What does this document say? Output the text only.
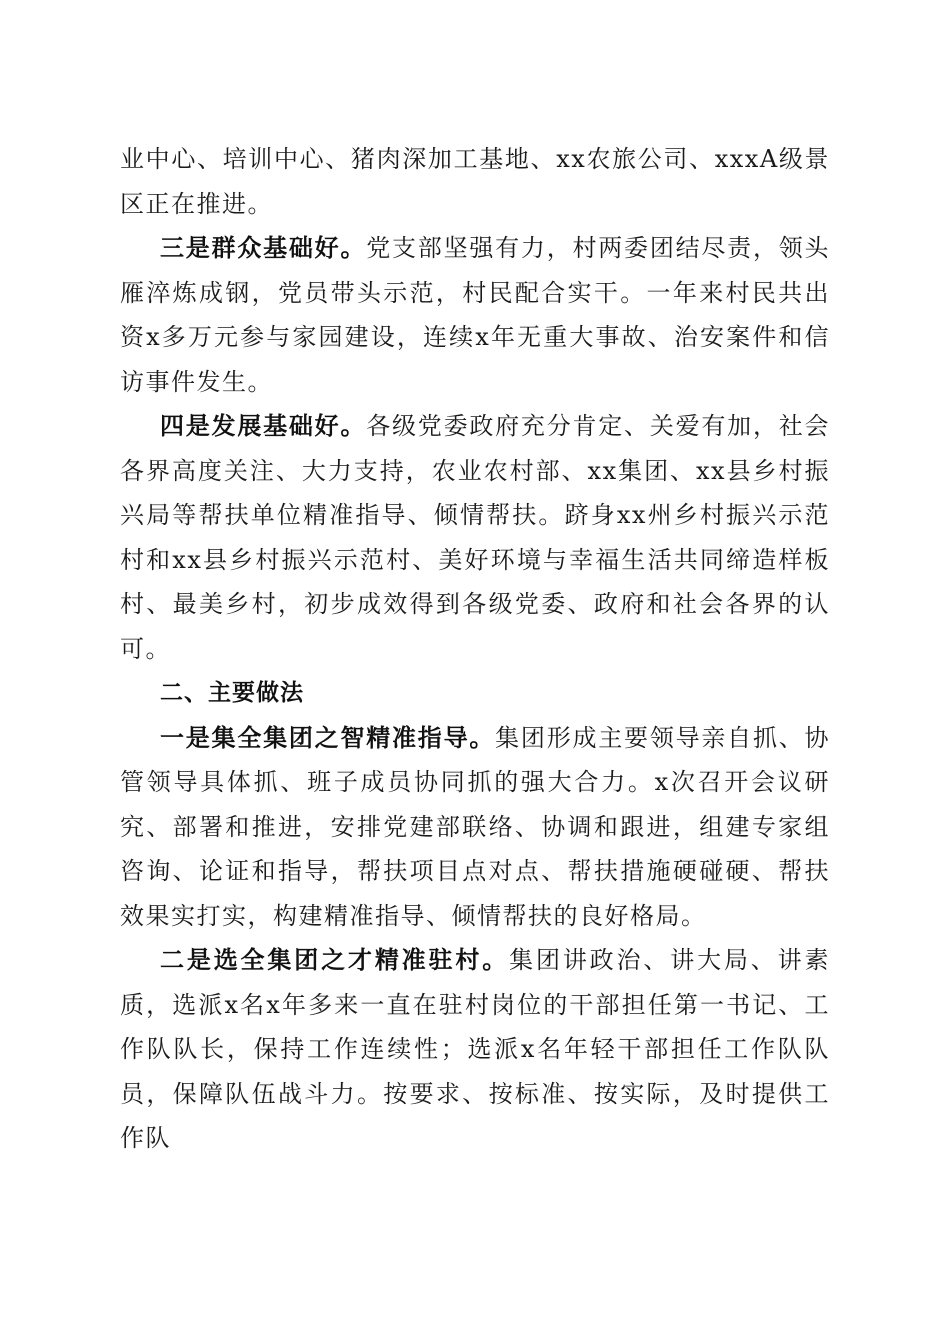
业中心、培训中心、猪肉深加工基地、xx农旅公司、xxxA级景区正在推进。

三是群众基础好。党支部坚强有力，村两委团结尽责，领头雁淬炼成钢，党员带头示范，村民配合实干。一年来村民共出资x多万元参与家园建设，连续x年无重大事故、治安案件和信访事件发生。

四是发展基础好。各级党委政府充分肯定、关爱有加，社会各界高度关注、大力支持，农业农村部、xx集团、xx县乡村振兴局等帮扶单位精准指导、倾情帮扶。跻身xx州乡村振兴示范村和xx县乡村振兴示范村、美好环境与幸福生活共同缔造样板村、最美乡村，初步成效得到各级党委、政府和社会各界的认可。

二、主要做法

一是集全集团之智精准指导。集团形成主要领导亲自抓、协管领导具体抓、班子成员协同抓的强大合力。x次召开会议研究、部署和推进，安排党建部联络、协调和跟进，组建专家组咨询、论证和指导，帮扶项目点对点、帮扶措施硬碰硬、帮扶效果实打实，构建精准指导、倾情帮扶的良好格局。

二是选全集团之才精准驻村。集团讲政治、讲大局、讲素质，选派x名x年多来一直在驻村岗位的干部担任第一书记、工作队队长，保持工作连续性；选派x名年轻干部担任工作队队员，保障队伍战斗力。按要求、按标准、按实际，及时提供工作队
